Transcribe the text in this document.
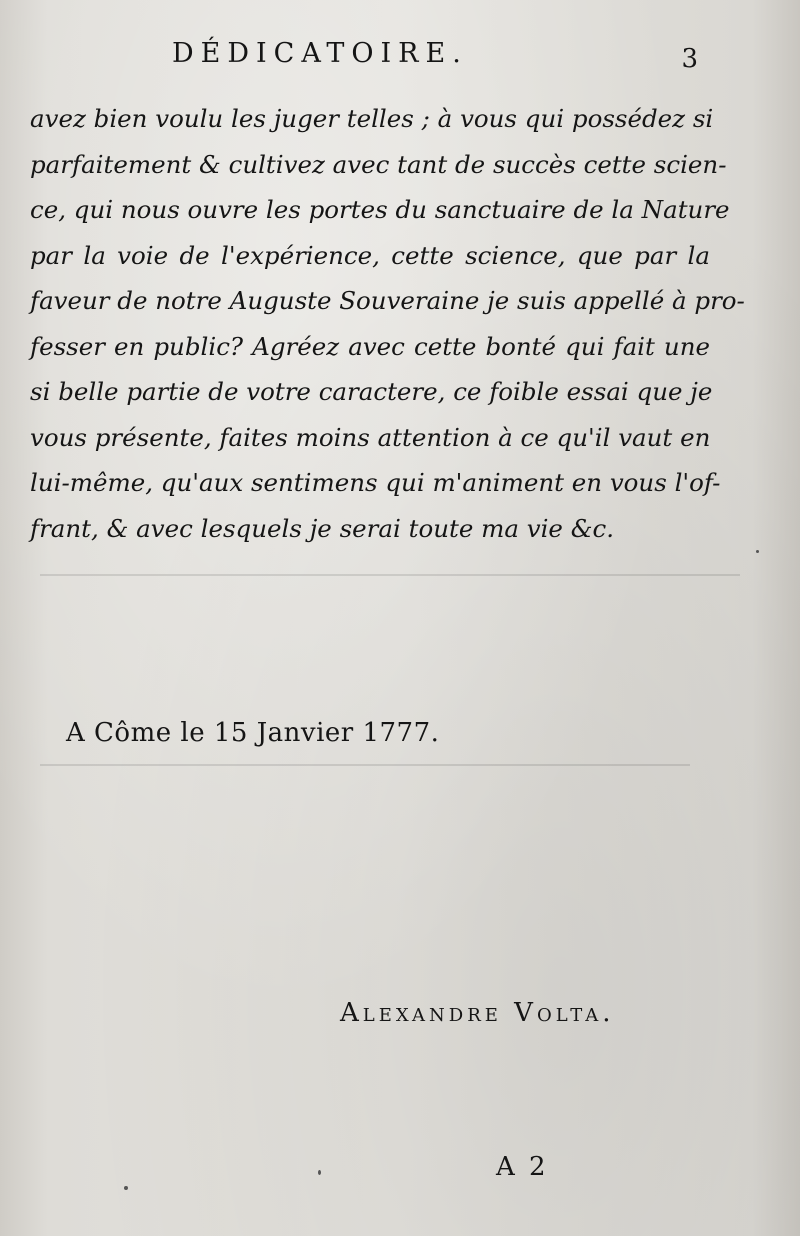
DÉDICATOIRE.	3
avez bien voulu les juger telles ; à vous qui possédez si
parfaitement & cultivez avec tant de succès cette scien-
ce, qui nous ouvre les portes du sanctuaire de la Nature
par la voie de l'expérience, cette science, que par la
faveur de notre Auguste Souveraine je suis appellé à pro-
fesser en public? Agréez avec cette bonté qui fait une
si belle partie de votre caractere, ce foible essai que je
vous présente, faites moins attention à ce qu'il vaut en
lui-même, qu'aux sentimens qui m'animent en vous l'of-
frant, & avec lesquels je serai toute ma vie &c.
A Côme le 15 Janvier 1777.
Alexandre Volta.
A 2
